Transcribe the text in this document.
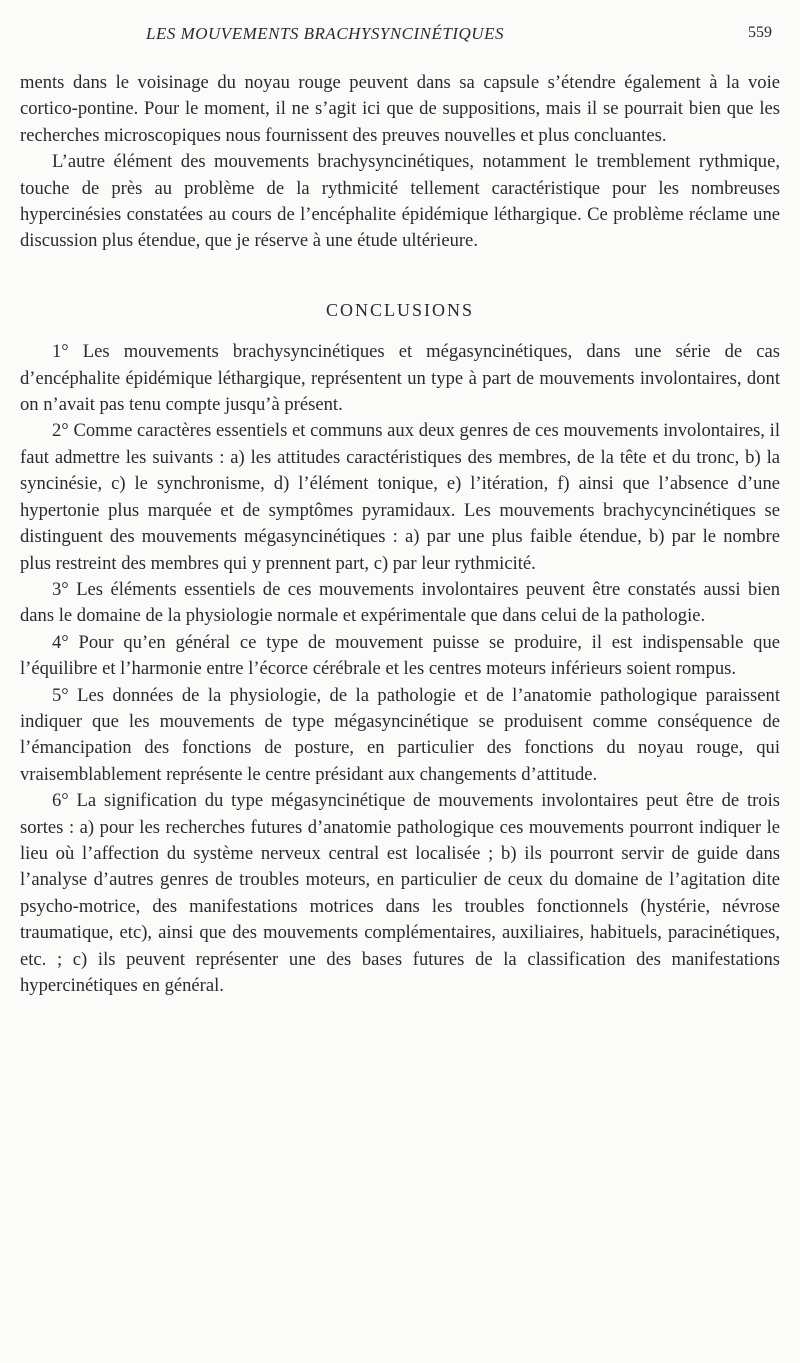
LES MOUVEMENTS BRACHYSYNCINÉTIQUES	559

ments dans le voisinage du noyau rouge peuvent dans sa capsule s’étendre également à la voie cortico-pontine. Pour le moment, il ne s’agit ici que de suppositions, mais il se pourrait bien que les recherches microscopiques nous fournissent des preuves nouvelles et plus concluantes.

L’autre élément des mouvements brachysyncinétiques, notamment le tremblement rythmique, touche de près au problème de la rythmicité tellement caractéristique pour les nombreuses hypercinésies constatées au cours de l’encéphalite épidémique léthargique. Ce problème réclame une discussion plus étendue, que je réserve à une étude ultérieure.

CONCLUSIONS

1° Les mouvements brachysyncinétiques et mégasyncinétiques, dans une série de cas d’encéphalite épidémique léthargique, représentent un type à part de mouvements involontaires, dont on n’avait pas tenu compte jusqu’à présent.

2° Comme caractères essentiels et communs aux deux genres de ces mouvements involontaires, il faut admettre les suivants : a) les attitudes caractéristiques des membres, de la tête et du tronc, b) la syncinésie, c) le synchronisme, d) l’élément tonique, e) l’itération, f) ainsi que l’absence d’une hypertonie plus marquée et de symptômes pyramidaux. Les mouvements brachycyncinétiques se distinguent des mouvements mégasyncinétiques : a) par une plus faible étendue, b) par le nombre plus restreint des membres qui y prennent part, c) par leur rythmicité.

3° Les éléments essentiels de ces mouvements involontaires peuvent être constatés aussi bien dans le domaine de la physiologie normale et expérimentale que dans celui de la pathologie.

4° Pour qu’en général ce type de mouvement puisse se produire, il est indispensable que l’équilibre et l’harmonie entre l’écorce cérébrale et les centres moteurs inférieurs soient rompus.

5° Les données de la physiologie, de la pathologie et de l’anatomie pathologique paraissent indiquer que les mouvements de type mégasyncinétique se produisent comme conséquence de l’émancipation des fonctions de posture, en particulier des fonctions du noyau rouge, qui vraisemblablement représente le centre présidant aux changements d’attitude.

6° La signification du type mégasyncinétique de mouvements involontaires peut être de trois sortes : a) pour les recherches futures d’anatomie pathologique ces mouvements pourront indiquer le lieu où l’affection du système nerveux central est localisée ; b) ils pourront servir de guide dans l’analyse d’autres genres de troubles moteurs, en particulier de ceux du domaine de l’agitation dite psycho-motrice, des manifestations motrices dans les troubles fonctionnels (hystérie, névrose traumatique, etc), ainsi que des mouvements complémentaires, auxiliaires, habituels, paracinétiques, etc. ; c) ils peuvent représenter une des bases futures de la classification des manifestations hypercinétiques en général.
